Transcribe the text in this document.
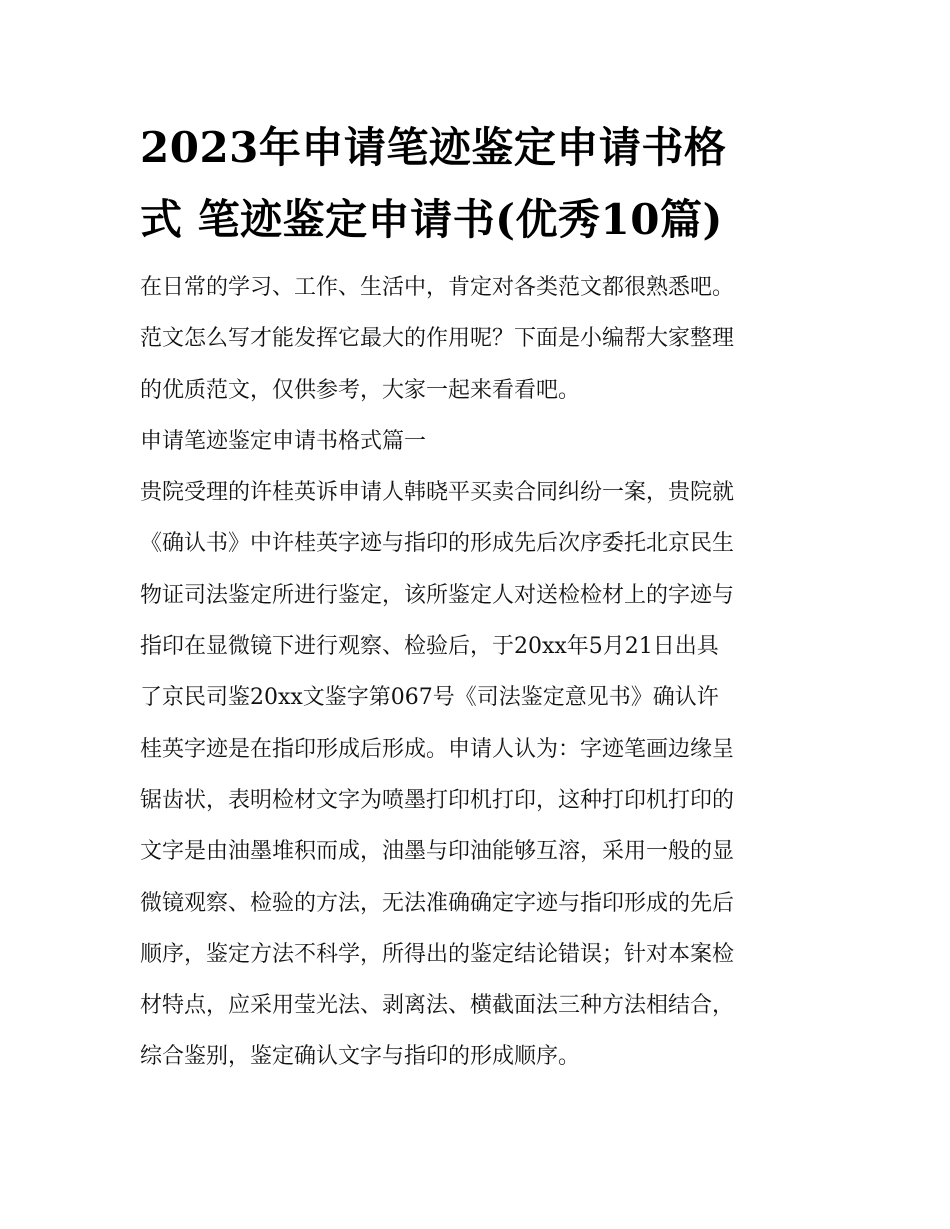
2023年申请笔迹鉴定申请书格
式 笔迹鉴定申请书(优秀10篇)
在日常的学习、工作、生活中，肯定对各类范文都很熟悉吧。
范文怎么写才能发挥它最大的作用呢？下面是小编帮大家整理
的优质范文，仅供参考，大家一起来看看吧。
申请笔迹鉴定申请书格式篇一
贵院受理的许桂英诉申请人韩晓平买卖合同纠纷一案，贵院就
《确认书》中许桂英字迹与指印的形成先后次序委托北京民生
物证司法鉴定所进行鉴定，该所鉴定人对送检检材上的字迹与
指印在显微镜下进行观察、检验后，于20xx年5月21日出具
了京民司鉴20xx文鉴字第067号《司法鉴定意见书》确认许
桂英字迹是在指印形成后形成。申请人认为：字迹笔画边缘呈
锯齿状，表明检材文字为喷墨打印机打印，这种打印机打印的
文字是由油墨堆积而成，油墨与印油能够互溶，采用一般的显
微镜观察、检验的方法，无法准确确定字迹与指印形成的先后
顺序，鉴定方法不科学，所得出的鉴定结论错误；针对本案检
材特点，应采用莹光法、剥离法、横截面法三种方法相结合，
综合鉴别，鉴定确认文字与指印的形成顺序。
